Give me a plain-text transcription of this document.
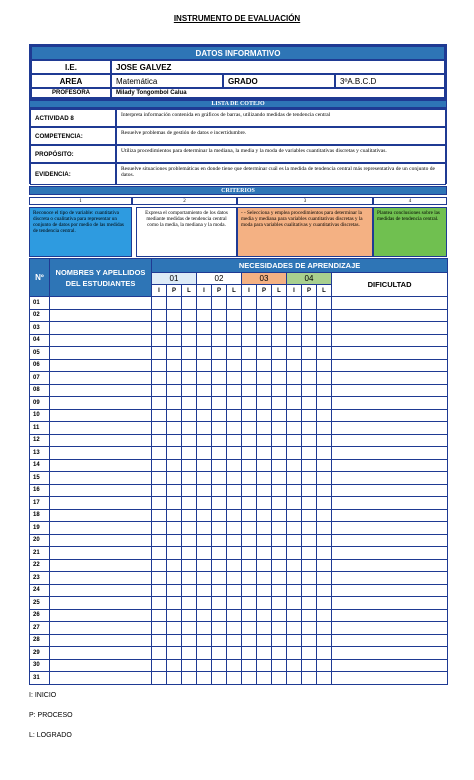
INSTRUMENTO DE EVALUACIÓN
DATOS INFORMATIVO
I.E.	JOSE GALVEZ
AREA	Matemática	GRADO	3ºA.B.C.D
PROFESORA	Milady Tongombol Calua
LISTA DE COTEJO
ACTIVIDAD 8	Interpreta información contenida en gráficos de barras, utilizando medidas de tendencia central
COMPETENCIA:	Resuelve problemas de gestión de datos e incertidumbre.
PROPÓSITO:	Utiliza procedimientos para determinar la mediana, la media y la moda de variables cuantitativas discretas y cualitativas.
EVIDENCIA:
Resuelve situaciones problemáticas en donde tiene que determinar cuál es la medida de tendencia central más representativa de un conjunto de datos.
CRITERIOS
1	2	3	4
Reconoce el tipo de variable: cuantitativa discreta o cualitativa para representar un conjunto de datos por medio de las medidas de tendencia central.
Expresa el comportamiento de los datos mediante medidas de tendencia central como la media, la mediana y la moda.
- - Selecciona y emplea procedimientos para determinar la media y mediana para variables cuantitativas discretas y la moda para variables cualitativas y cuantitativas discretas.
Plantea conclusiones sobre las medidas de tendencia central.
Nº	NOMBRES Y APELLIDOS DEL ESTUDIANTES	NECESIDADES DE APRENDIZAJE												
		01			02			03			04			DIFICULTAD
		I	P	L	I	P	L	I	P	L	I	P	L	
01														
02														
03														
04														
05														
06														
07														
08														
09														
10														
11														
12														
13														
14														
15														
16														
17														
18														
19														
20														
21														
22														
23														
24														
25														
26														
27														
28														
29														
30														
31														
I: INICIO
P: PROCESO
L: LOGRADO
